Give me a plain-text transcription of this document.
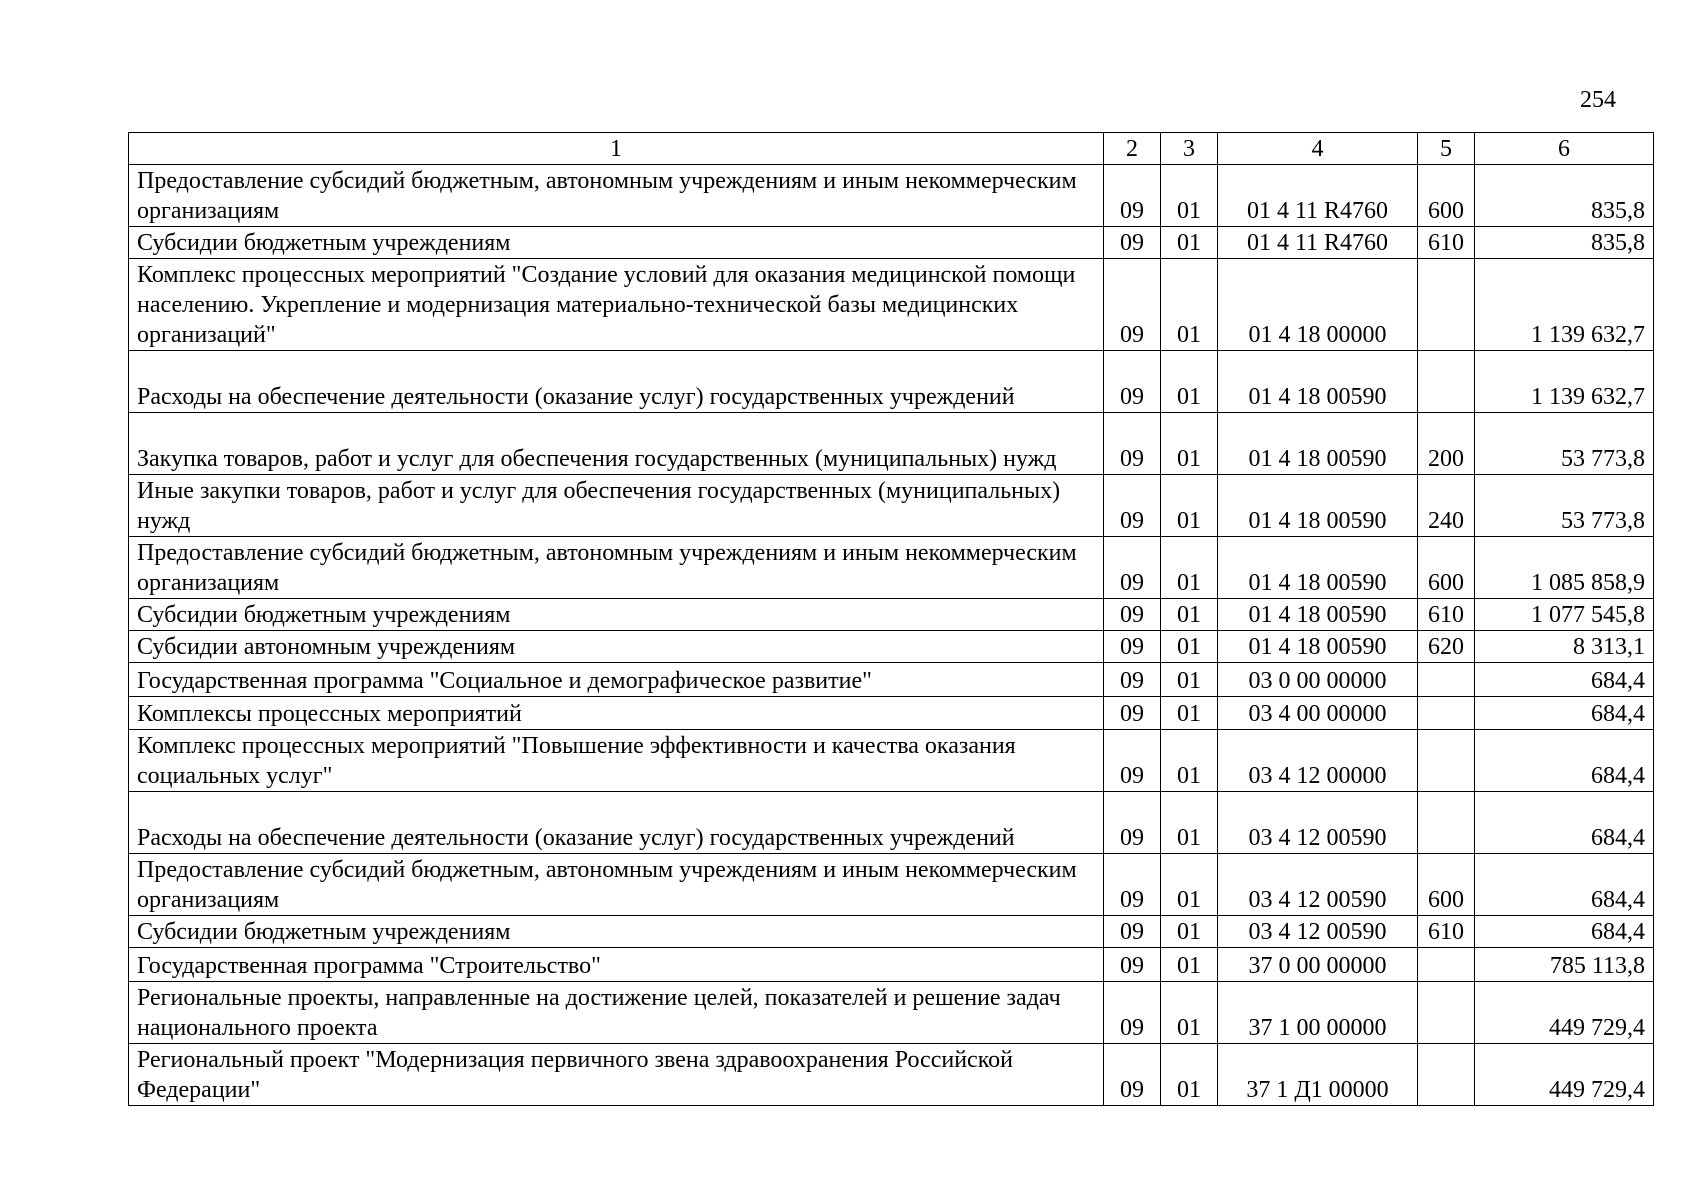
254
1	2	3	4	5	6
Предоставление субсидий бюджетным, автономным учреждениям и иным некоммерческим организациям	09	01	01 4 11 R4760	600	835,8
Субсидии бюджетным учреждениям	09	01	01 4 11 R4760	610	835,8
Комплекс процессных мероприятий "Создание условий для оказания медицинской помощи населению. Укрепление и модернизация материально-технической базы медицинских организаций"	09	01	01 4 18 00000		1 139 632,7
Расходы на обеспечение деятельности (оказание услуг) государственных учреждений	09	01	01 4 18 00590		1 139 632,7
Закупка товаров, работ и услуг для обеспечения государственных (муниципальных) нужд	09	01	01 4 18 00590	200	53 773,8
Иные закупки товаров, работ и услуг для обеспечения государственных (муниципальных) нужд	09	01	01 4 18 00590	240	53 773,8
Предоставление субсидий бюджетным, автономным учреждениям и иным некоммерческим организациям	09	01	01 4 18 00590	600	1 085 858,9
Субсидии бюджетным учреждениям	09	01	01 4 18 00590	610	1 077 545,8
Субсидии автономным учреждениям	09	01	01 4 18 00590	620	8 313,1
Государственная программа "Социальное и демографическое развитие"	09	01	03 0 00 00000		684,4
Комплексы процессных мероприятий	09	01	03 4 00 00000		684,4
Комплекс процессных мероприятий "Повышение эффективности и качества оказания социальных услуг"	09	01	03 4 12 00000		684,4
Расходы на обеспечение деятельности (оказание услуг) государственных учреждений	09	01	03 4 12 00590		684,4
Предоставление субсидий бюджетным, автономным учреждениям и иным некоммерческим организациям	09	01	03 4 12 00590	600	684,4
Субсидии бюджетным учреждениям	09	01	03 4 12 00590	610	684,4
Государственная программа "Строительство"	09	01	37 0 00 00000		785 113,8
Региональные проекты, направленные на достижение целей, показателей и решение задач национального проекта	09	01	37 1 00 00000		449 729,4
Региональный проект "Модернизация первичного звена здравоохранения Российской Федерации"	09	01	37 1 Д1 00000		449 729,4
